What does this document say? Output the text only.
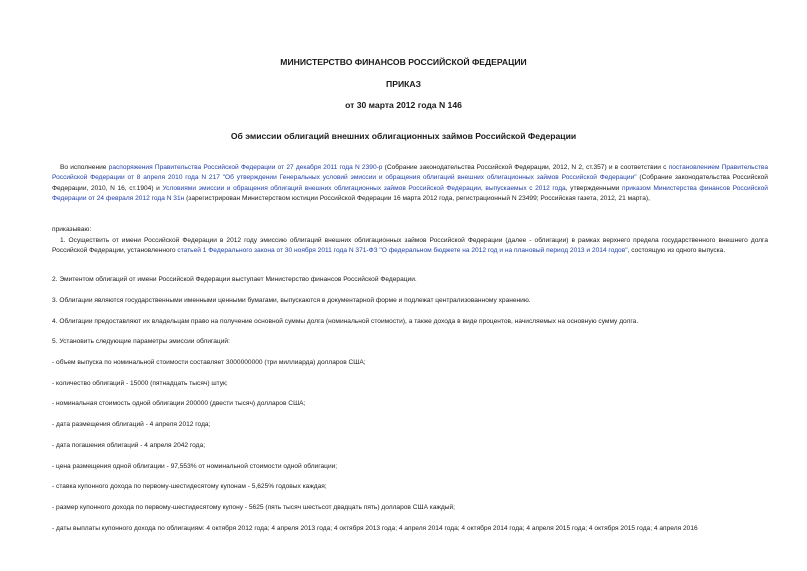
МИНИСТЕРСТВО ФИНАНСОВ РОССИЙСКОЙ ФЕДЕРАЦИИ
ПРИКАЗ
от 30 марта 2012 года N 146
Об эмиссии облигаций внешних облигационных займов Российской Федерации
Во исполнение распоряжения Правительства Российской Федерации от 27 декабря 2011 года N 2390-р (Собрание законодательства Российской Федерации, 2012, N 2, ст.357) и в соответствии с постановлением Правительства Российской Федерации от 8 апреля 2010 года N 217 "Об утверждении Генеральных условий эмиссии и обращения облигаций внешних облигационных займов Российской Федерации" (Собрание законодательства Российской Федерации, 2010, N 16, ст.1904) и Условиями эмиссии и обращения облигаций внешних облигационных займов Российской Федерации, выпускаемых с 2012 года, утвержденными приказом Министерства финансов Российской Федерации от 24 февраля 2012 года N 31н (зарегистрирован Министерством юстиции Российской Федерации 16 марта 2012 года, регистрационный N 23499; Российская газета, 2012, 21 марта),
приказываю:
1. Осуществить от имени Российской Федерации в 2012 году эмиссию облигаций внешних облигационных займов Российской Федерации (далее - облигации) в рамках верхнего предела государственного внешнего долга Российской Федерации, установленного статьей 1 Федерального закона от 30 ноября 2011 года N 371-ФЗ "О федеральном бюджете на 2012 год и на плановый период 2013 и 2014 годов", состоящую из одного выпуска.
2. Эмитентом облигаций от имени Российской Федерации выступает Министерство финансов Российской Федерации.
3. Облигации являются государственными именными ценными бумагами, выпускаются в документарной форме и подлежат централизованному хранению.
4. Облигации предоставляют их владельцам право на получение основной суммы долга (номинальной стоимости), а также дохода в виде процентов, начисляемых на основную сумму долга.
5. Установить следующие параметры эмиссии облигаций:
- объем выпуска по номинальной стоимости составляет 3000000000 (три миллиарда) долларов США;
- количество облигаций - 15000 (пятнадцать тысяч) штук;
- номинальная стоимость одной облигации 200000 (двести тысяч) долларов США;
- дата размещения облигаций - 4 апреля 2012 года;
- дата погашения облигаций - 4 апреля 2042 года;
- цена размещения одной облигации - 97,553% от номинальной стоимости одной облигации;
- ставка купонного дохода по первому-шестидесятому купонам - 5,625% годовых каждая;
- размер купонного дохода по первому-шестидесятому купону - 5625 (пять тысяч шестьсот двадцать пять) долларов США каждый;
- даты выплаты купонного дохода по облигациям: 4 октября 2012 года; 4 апреля 2013 года; 4 октября 2013 года; 4 апреля 2014 года; 4 октября 2014 года; 4 апреля 2015 года; 4 октября 2015 года; 4 апреля 2016
